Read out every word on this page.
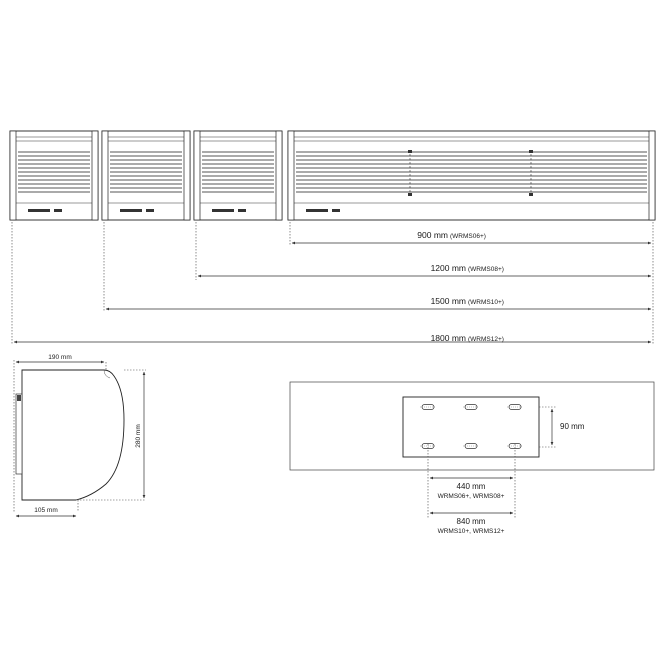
900 mm (WRMS06+)
1200 mm (WRMS08+)
1500 mm (WRMS10+)
1800 mm (WRMS12+)
190 mm
280 mm
105 mm
90 mm
440 mm
WRMS06+, WRMS08+
840 mm
WRMS10+, WRMS12+
